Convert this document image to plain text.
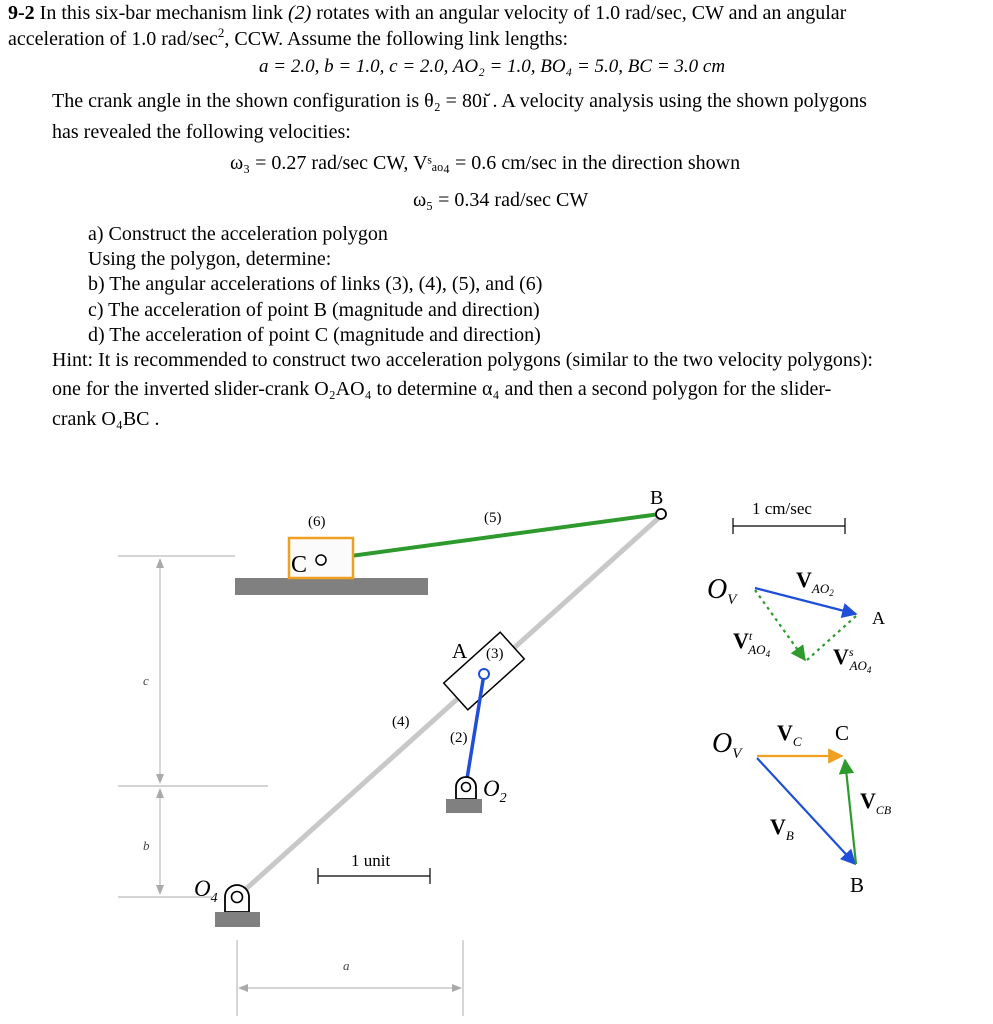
9-2 In this six-bar mechanism link (2) rotates with an angular velocity of 1.0 rad/sec, CW and an angular
acceleration of 1.0 rad/$\sec^2$, CCW. Assume the following link lengths:
a = 2.0, b = 1.0, c = 2.0, AO₂ = 1.0, BO₄ = 5.0, BC = 3.0 cm
The crank angle in the shown configuration is θ₂ = 80ı̆ . A velocity analysis using the shown polygons
has revealed the following velocities:
ω₃ = 0.27 rad/sec CW, Vˢₐₒ₄ = 0.6 cm/sec in the direction shown
ω₅ = 0.34 rad/sec CW
a) Construct the acceleration polygon
Using the polygon, determine:
b) The angular accelerations of links (3), (4), (5), and (6)
c) The acceleration of point B (magnitude and direction)
d) The acceleration of point C (magnitude and direction)
Hint: It is recommended to construct two acceleration polygons (similar to the two velocity polygons):
one for the inverted slider-crank O₂AO₄ to determine α₄ and then a second polygon for the slider-
crank O₄BC .
c
b
a
1 unit
C
B
(6)	(5)
(4)
A (3)
(2)
$O_2$
$O_4$
1 cm/sec
$O_V$
$V_{AO}2$
A
$V^t$ AO4	$V^s$ AO4
$O_V$
$V_C$ C
$V_{CB}$
$V_B$
B
